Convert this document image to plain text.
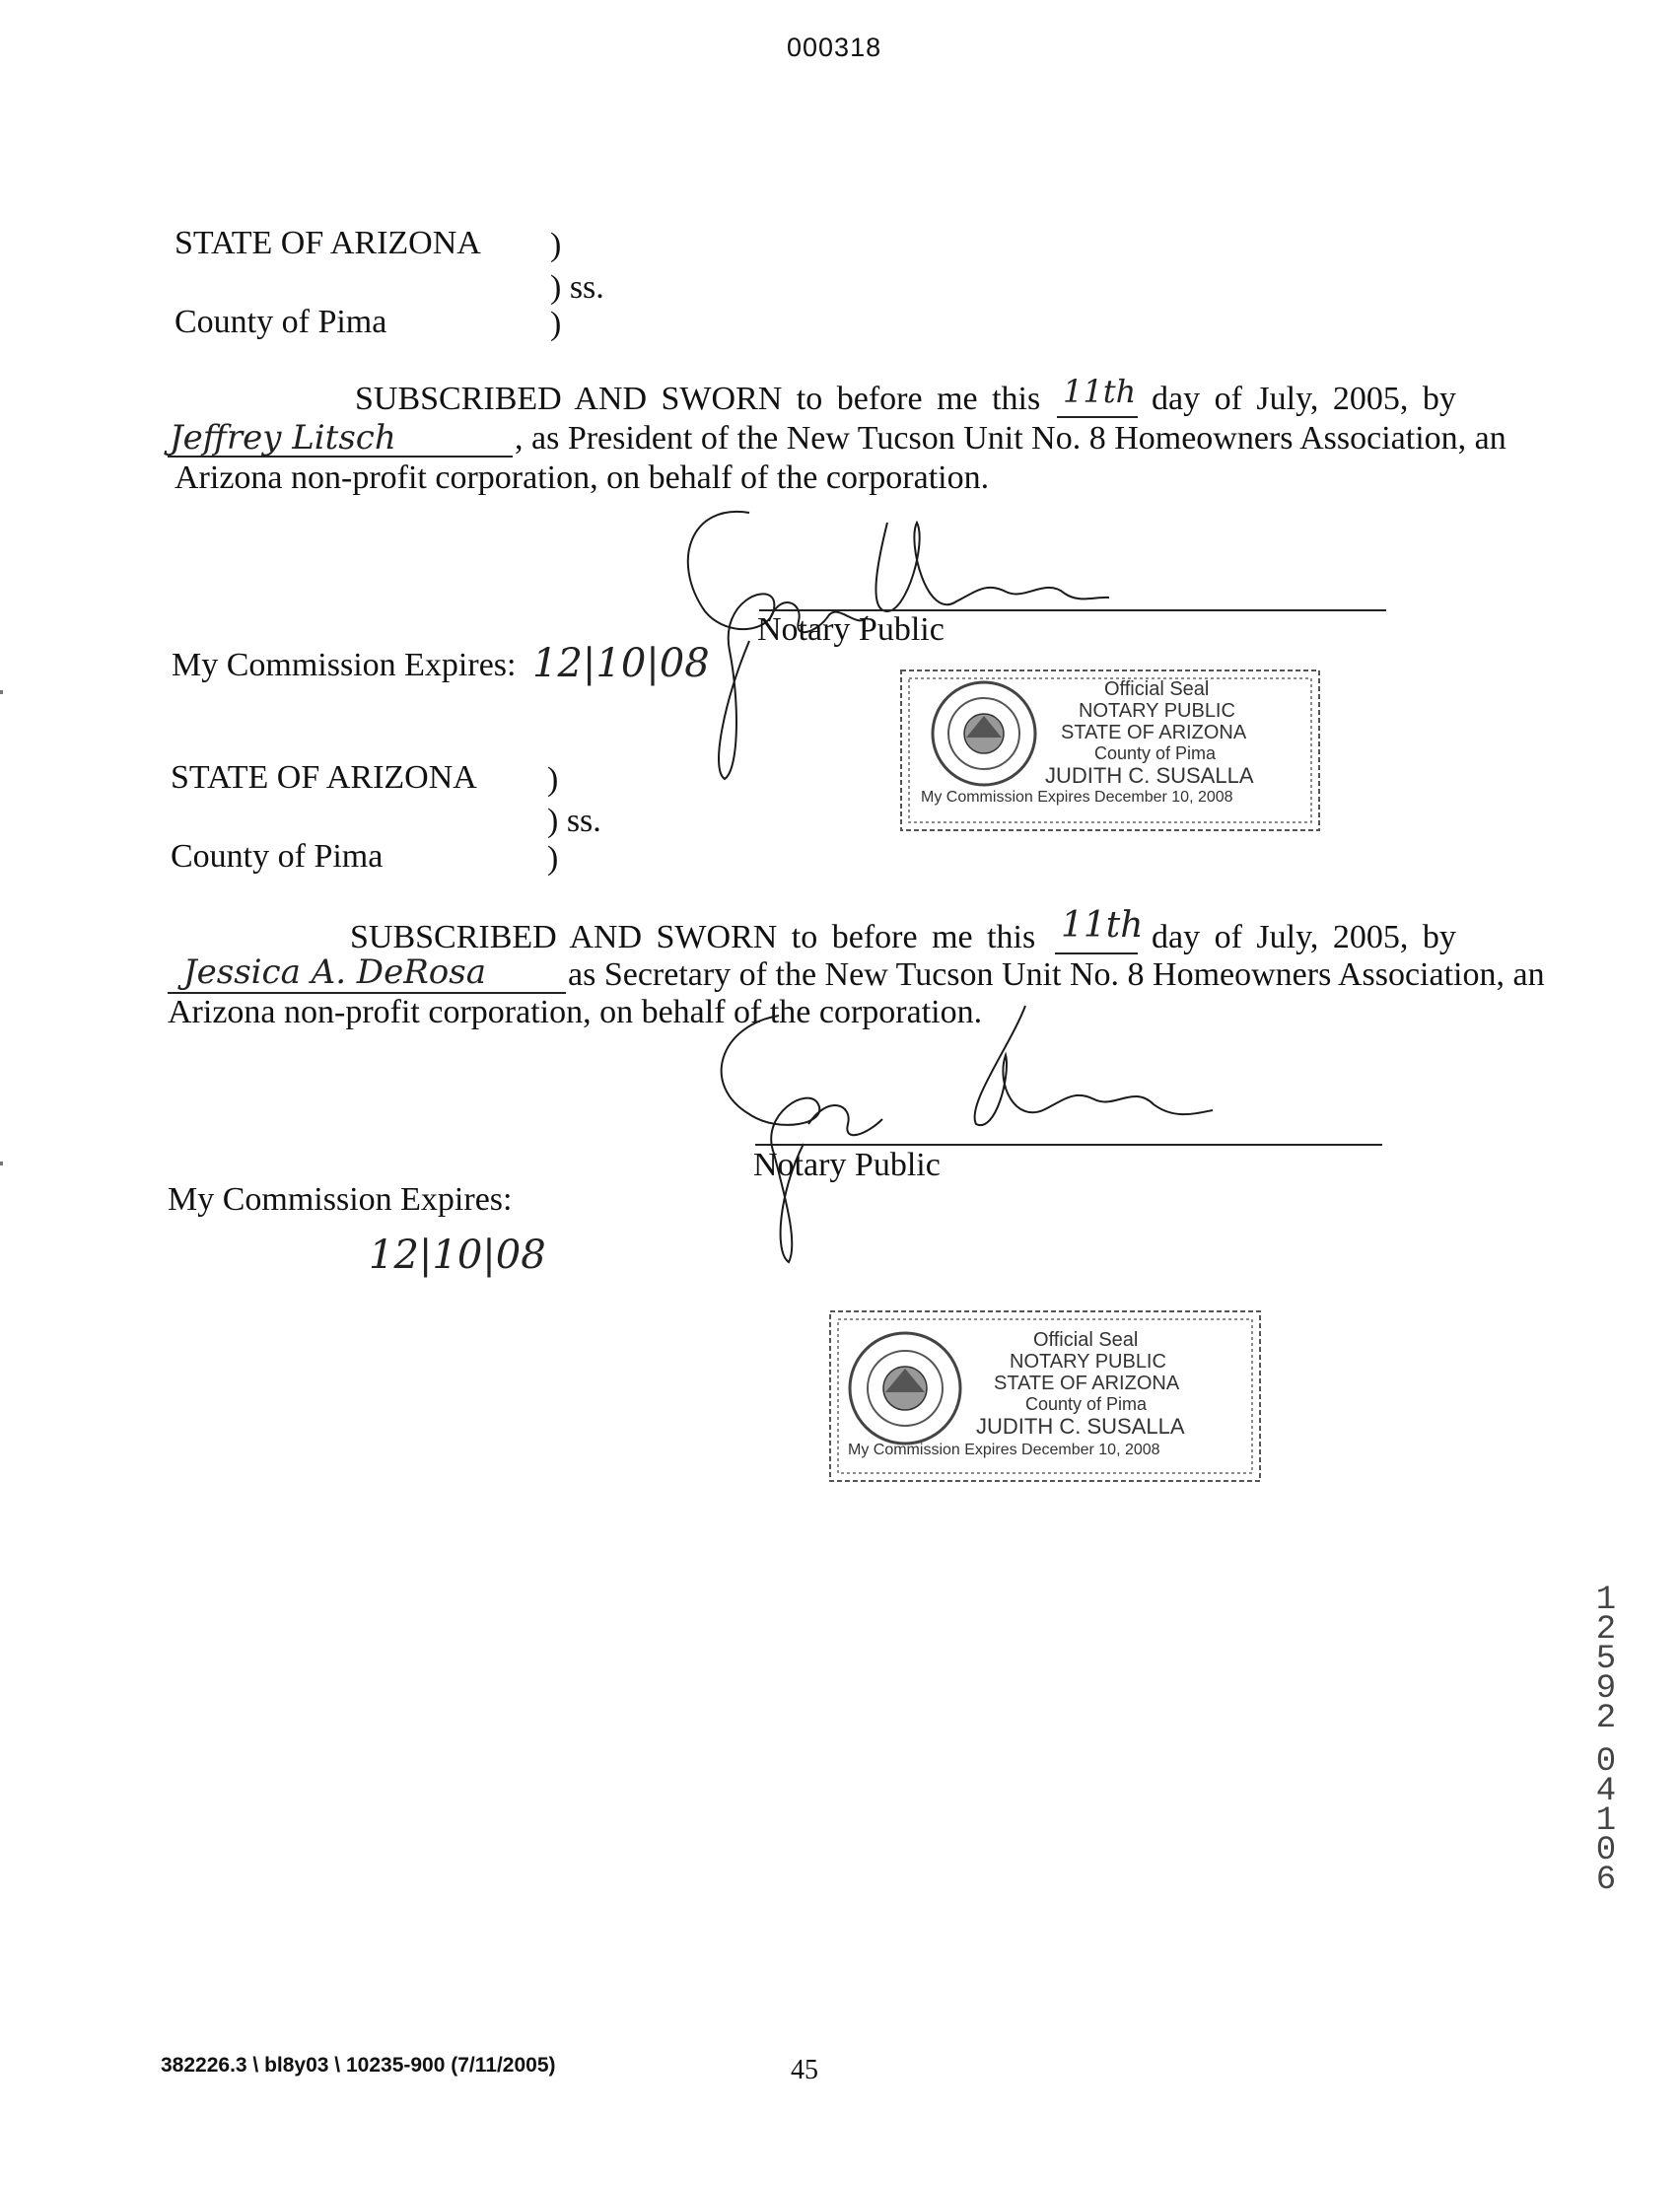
000318
STATE OF ARIZONA )
) ss.
County of Pima	)
SUBSCRIBED AND SWORN to before me this 11th day of July, 2005, by
Jeffrey Litsch	, as President of the New Tucson Unit No. 8 Homeowners Association, an
Arizona non-profit corporation, on behalf of the corporation.
Notary Public
My Commission Expires: 12|10|08
Official Seal
NOTARY PUBLIC
STATE OF ARIZONA
County of Pima
JUDITH C. SUSALLA
My Commission Expires December 10, 2008
STATE OF ARIZONA )
) ss.
County of Pima	)
SUBSCRIBED AND SWORN to before me this 11th day of July, 2005, by
Jessica A. DeRosa as Secretary of the New Tucson Unit No. 8 Homeowners Association, an
Arizona non-profit corporation, on behalf of the corporation.
Notary Public
My Commission Expires:
12|10|08
Official Seal
NOTARY PUBLIC
STATE OF ARIZONA
County of Pima
JUDITH C. SUSALLA
My Commission Expires December 10, 2008
1
2
5
9
2
0
4
1
0
6
382226.3 \ bl8y03 \ 10235-900 (7/11/2005)	45
